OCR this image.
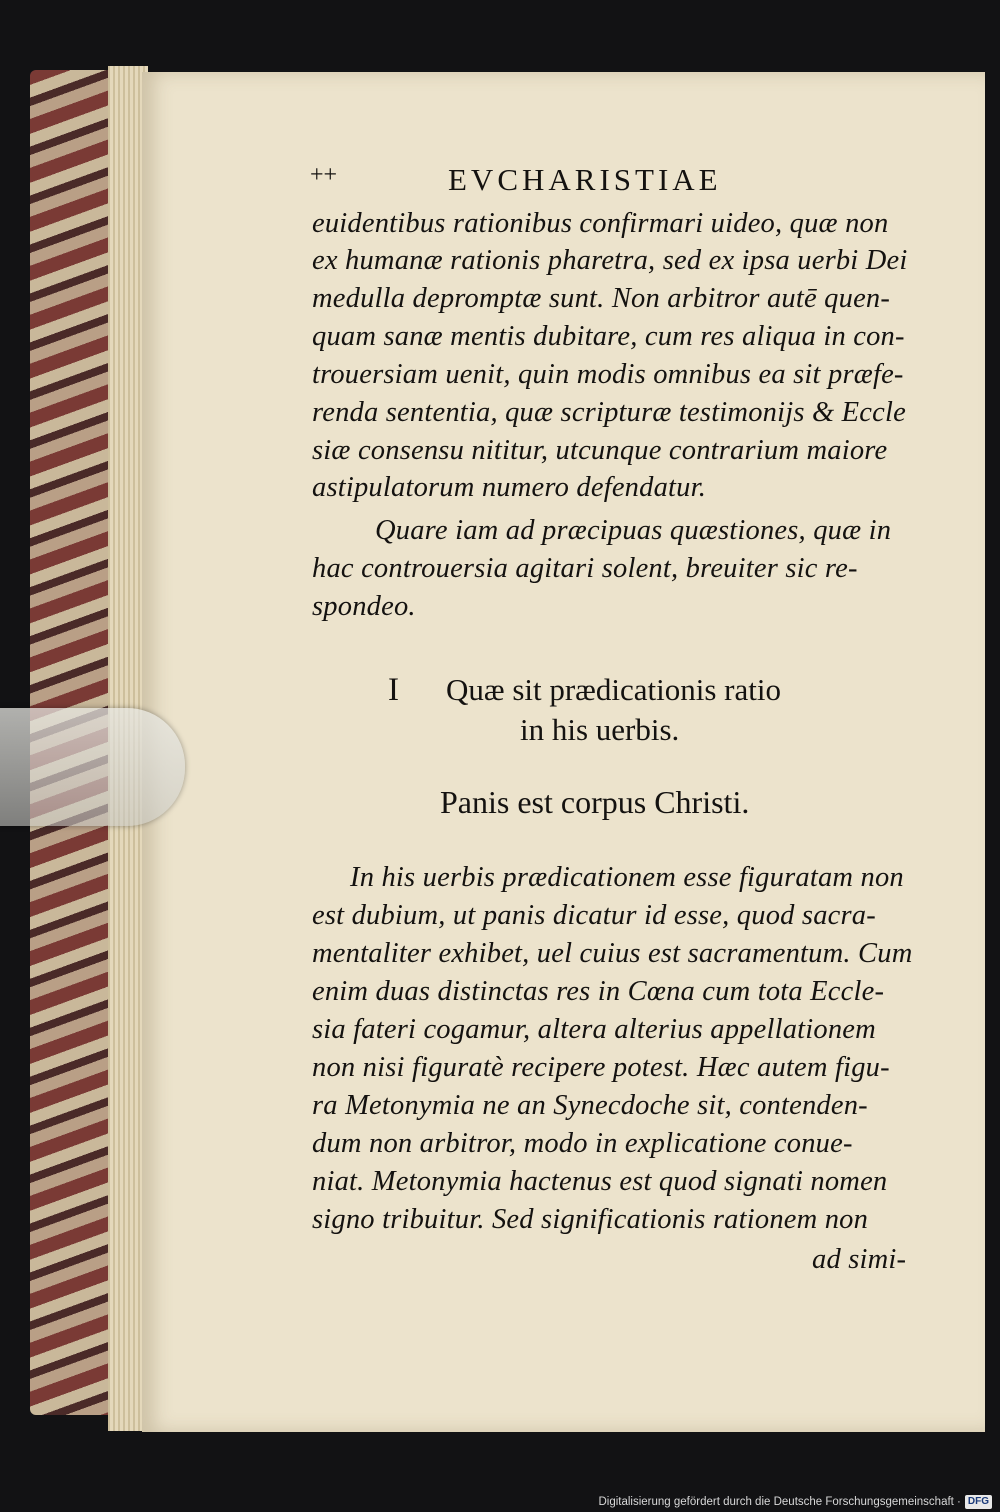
++	EVCHARISTIAE
euidentibus rationibus confirmari uideo, quæ non
ex humanæ rationis pharetra, sed ex ipsa uerbi Dei
medulla depromptæ sunt. Non arbitror autē quen-
quam sanæ mentis dubitare, cum res aliqua in con-
trouersiam uenit, quin modis omnibus ea sit præfe-
renda sententia, quæ scripturæ testimonijs & Eccle
siæ consensu nititur, utcunque contrarium maiore
astipulatorum numero defendatur.
Quare iam ad præcipuas quæstiones, quæ in
hac controuersia agitari solent, breuiter sic re-
spondeo.
I Quæ sit prædicationis ratio
in his uerbis.
Panis est corpus Christi.
In his uerbis prædicationem esse figuratam non
est dubium, ut panis dicatur id esse, quod sacra-
mentaliter exhibet, uel cuius est sacramentum. Cum
enim duas distinctas res in Cœna cum tota Eccle-
sia fateri cogamur, altera alterius appellationem
non nisi figuratè recipere potest. Hæc autem figu-
ra Metonymia ne an Synecdoche sit, contenden-
dum non arbitror, modo in explicatione conue-
niat. Metonymia hactenus est quod signati nomen
signo tribuitur. Sed significationis rationem non
ad simi-
Digitalisierung gefördert durch die Deutsche Forschungsgemeinschaft · DFG
